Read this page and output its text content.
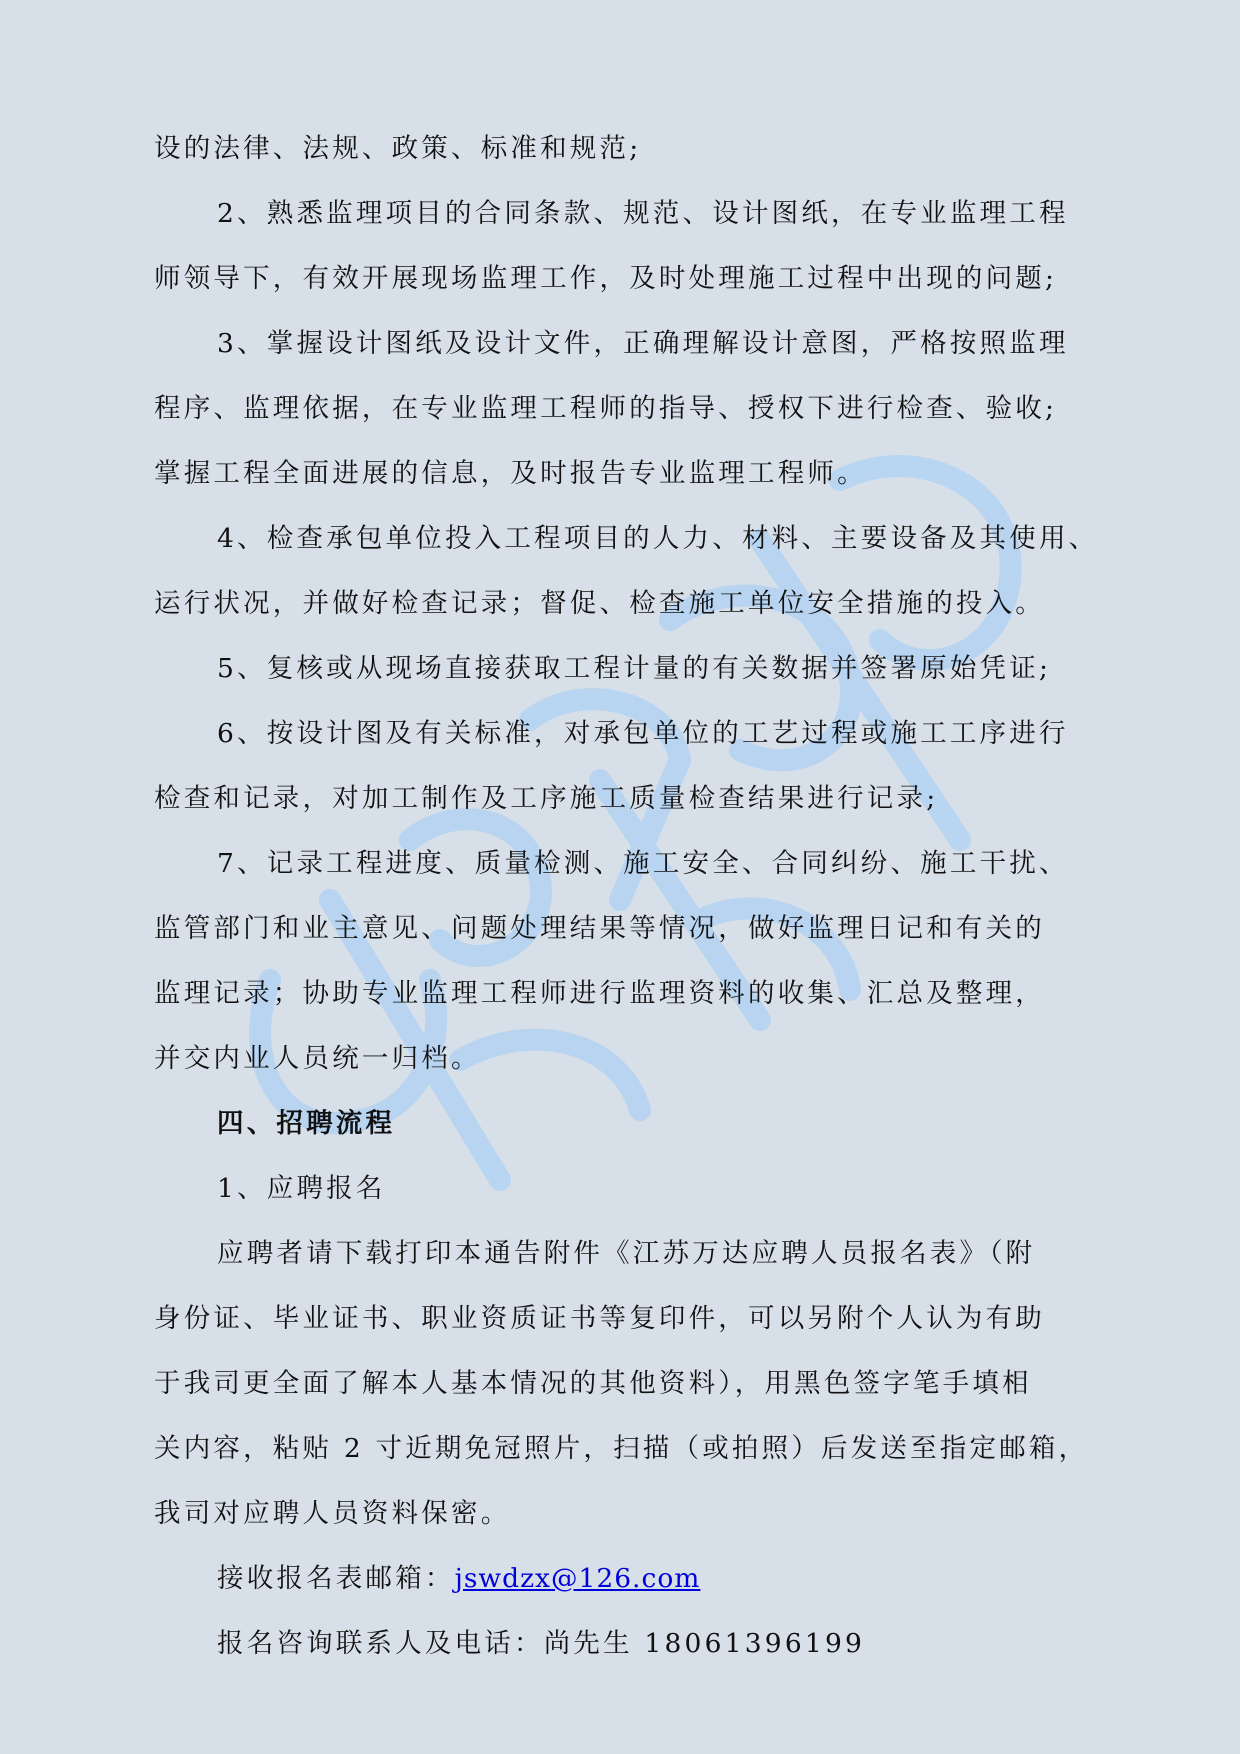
设的法律、法规、政策、标准和规范;
2、熟悉监理项目的合同条款、规范、设计图纸，在专业监理工程
师领导下，有效开展现场监理工作，及时处理施工过程中出现的问题;
3、掌握设计图纸及设计文件，正确理解设计意图，严格按照监理
程序、监理依据，在专业监理工程师的指导、授权下进行检查、验收;
掌握工程全面进展的信息，及时报告专业监理工程师。
4、检查承包单位投入工程项目的人力、材料、主要设备及其使用、
运行状况，并做好检查记录；督促、检查施工单位安全措施的投入。
5、复核或从现场直接获取工程计量的有关数据并签署原始凭证;
6、按设计图及有关标准，对承包单位的工艺过程或施工工序进行
检查和记录，对加工制作及工序施工质量检查结果进行记录;
7、记录工程进度、质量检测、施工安全、合同纠纷、施工干扰、
监管部门和业主意见、问题处理结果等情况，做好监理日记和有关的
监理记录；协助专业监理工程师进行监理资料的收集、汇总及整理，
并交内业人员统一归档。
四、招聘流程
1、应聘报名
应聘者请下载打印本通告附件《江苏万达应聘人员报名表》（附
身份证、毕业证书、职业资质证书等复印件，可以另附个人认为有助
于我司更全面了解本人基本情况的其他资料），用黑色签字笔手填相
关内容，粘贴 2 寸近期免冠照片，扫描（或拍照）后发送至指定邮箱，
我司对应聘人员资料保密。
接收报名表邮箱：jswdzx@126.com
报名咨询联系人及电话：尚先生 18061396199
